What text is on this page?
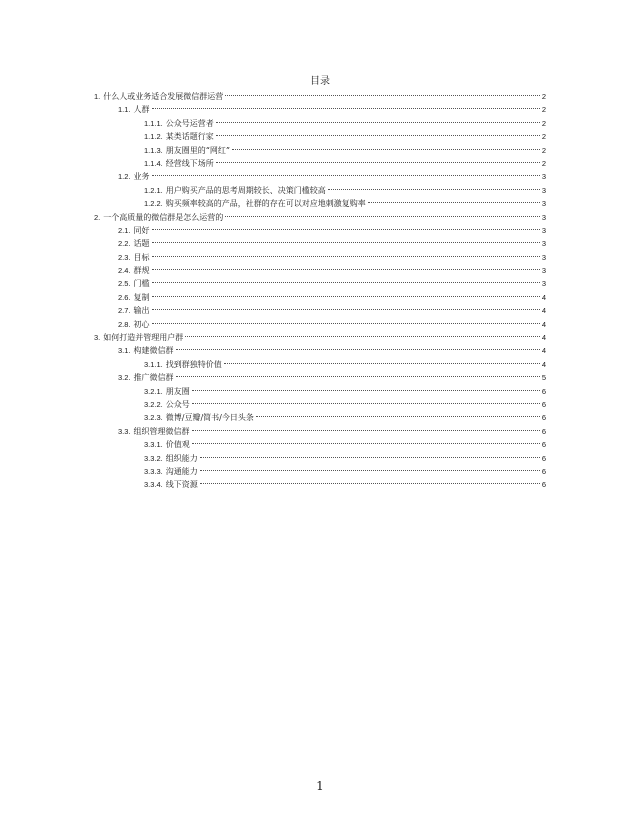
目录
1. 什么人或业务适合发展微信群运营	2
1.1. 人群	2
1.1.1. 公众号运营者	2
1.1.2. 某类话题行家	2
1.1.3. 朋友圈里的“网红”	2
1.1.4. 经营线下场所	2
1.2. 业务	3
1.2.1. 用户购买产品的思考周期较长、决策门槛较高	3
1.2.2. 购买频率较高的产品，社群的存在可以对应地刺激复购率	3
2. 一个高质量的微信群是怎么运营的	3
2.1. 同好	3
2.2. 话题	3
2.3. 目标	3
2.4. 群规	3
2.5. 门槛	3
2.6. 复制	4
2.7. 输出	4
2.8. 初心	4
3. 如何打造并管理用户群	4
3.1. 构建微信群	4
3.1.1. 找到群独特价值	4
3.2. 推广微信群	5
3.2.1. 朋友圈	6
3.2.2. 公众号	6
3.2.3. 微博/豆瓣/简书/今日头条	6
3.3. 组织管理微信群	6
3.3.1. 价值观	6
3.3.2. 组织能力	6
3.3.3. 沟通能力	6
3.3.4. 线下资源	6
1
